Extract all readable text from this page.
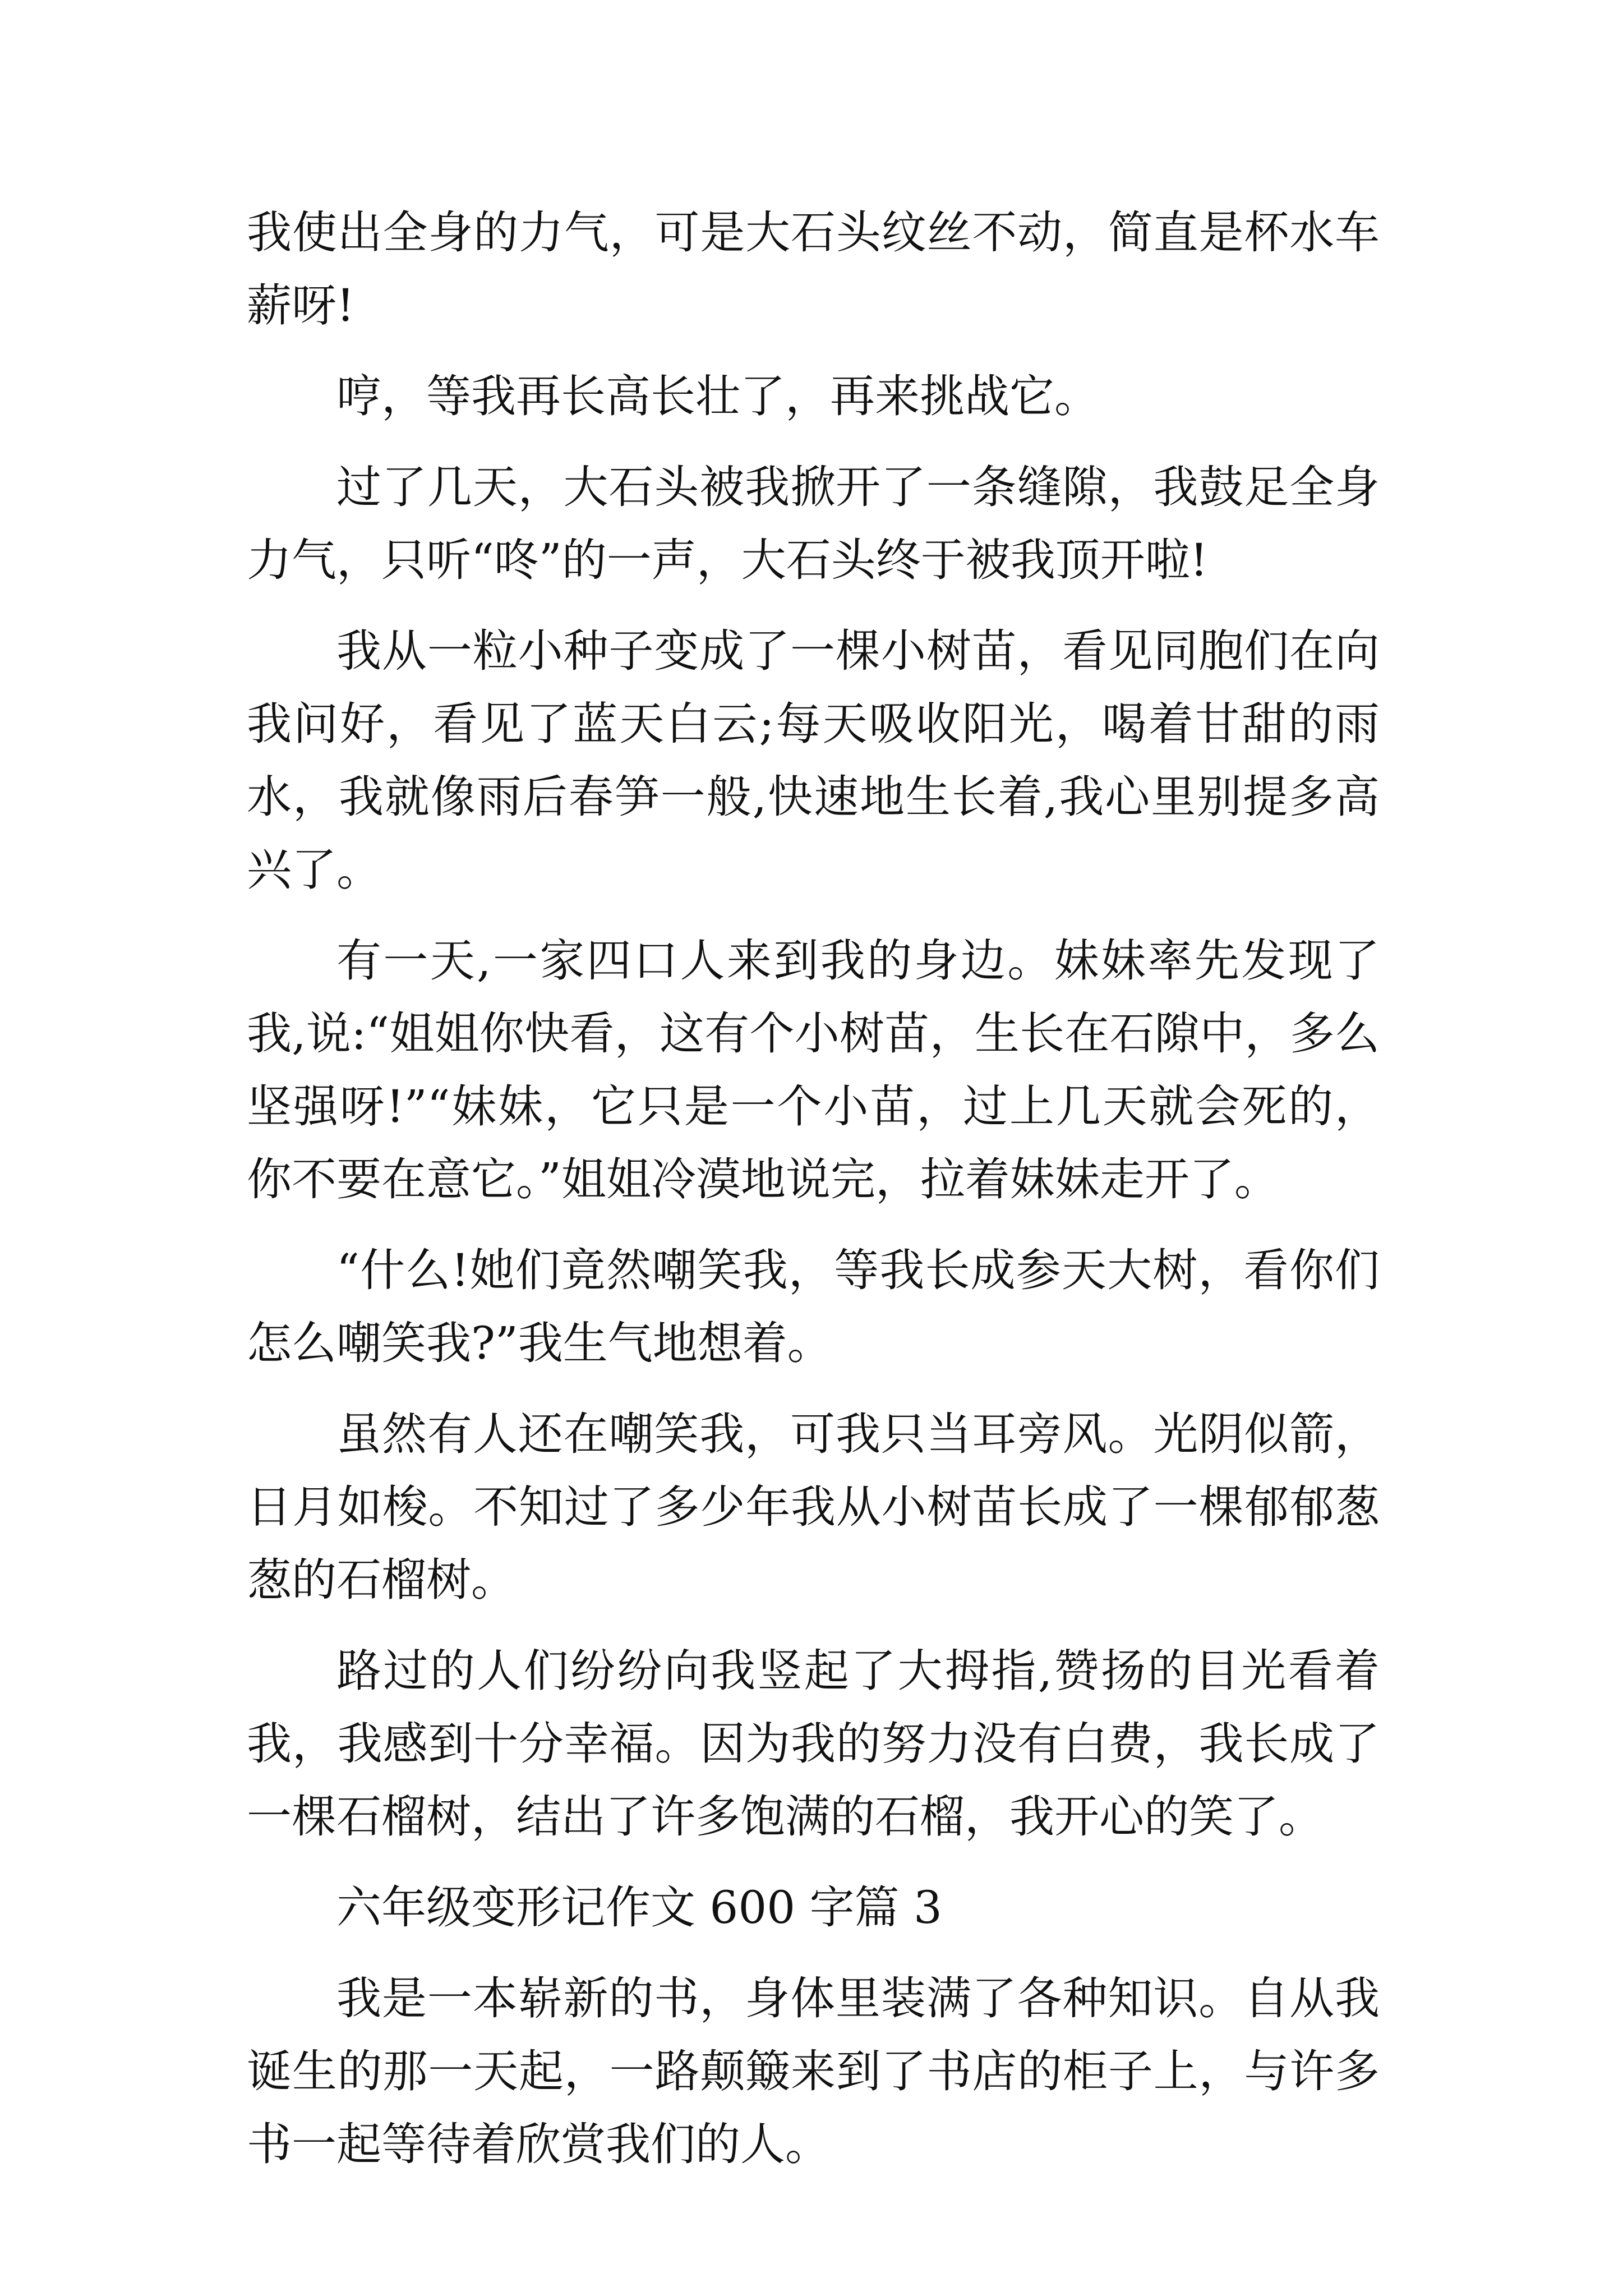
我使出全身的力气，可是大石头纹丝不动，简直是杯水车薪呀!

哼，等我再长高长壮了，再来挑战它。

过了几天，大石头被我掀开了一条缝隙，我鼓足全身力气，只听“咚”的一声，大石头终于被我顶开啦!

我从一粒小种子变成了一棵小树苗，看见同胞们在向我问好，看见了蓝天白云;每天吸收阳光，喝着甘甜的雨水，我就像雨后春笋一般,快速地生长着,我心里别提多高兴了。

有一天,一家四口人来到我的身边。妹妹率先发现了我,说:“姐姐你快看，这有个小树苗，生长在石隙中，多么坚强呀!”“妹妹，它只是一个小苗，过上几天就会死的，你不要在意它。”姐姐冷漠地说完，拉着妹妹走开了。

“什么!她们竟然嘲笑我，等我长成参天大树，看你们怎么嘲笑我?”我生气地想着。

虽然有人还在嘲笑我，可我只当耳旁风。光阴似箭，日月如梭。不知过了多少年我从小树苗长成了一棵郁郁葱葱的石榴树。

路过的人们纷纷向我竖起了大拇指,赞扬的目光看着我，我感到十分幸福。因为我的努力没有白费，我长成了一棵石榴树，结出了许多饱满的石榴，我开心的笑了。

六年级变形记作文 600 字篇 3

我是一本崭新的书，身体里装满了各种知识。自从我诞生的那一天起，一路颠簸来到了书店的柜子上，与许多书一起等待着欣赏我们的人。
